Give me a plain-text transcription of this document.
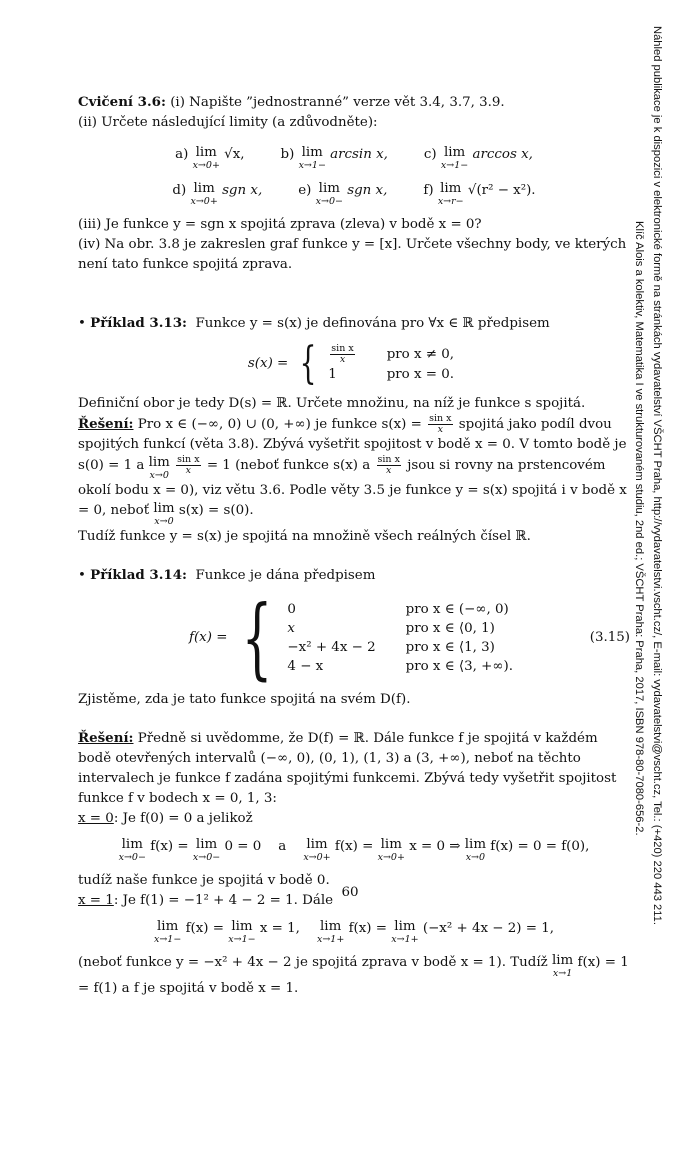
Náhled publikace je k dispozici v elektronické formě na stránkách vydavatelství VŠCHT Praha, http://vydavatelstvi.vscht.cz/, E-mail: vydavatelstvi@vscht.cz, Tel.: (+420) 220 443 211.
Klíč Alois a kolektiv, Matematika I ve strukturovaném studiu, 2nd ed.; VŠCHT Praha: Praha, 2017, ISBN 978-80-7080-656-2.

Cvičení 3.6: (i) Napište ”jednostranné” verze vět 3.4, 3.7, 3.9.

(ii) Určete následující limity (a zdůvodněte):

a) lim
x→0+
√x,	b) lim
x→1−
arcsin x,	c) lim
x→1−
arccos x,
d) lim
x→0+
sgn x,	e) lim
x→0−
sgn x,	f) lim
x→r−
√(r² − x²).

(iii) Je funkce y = sgn x spojitá zprava (zleva) v bodě x = 0?

(iv) Na obr. 3.8 je zakreslen graf funkce y = [x]. Určete všechny body, ve kterých není tato funkce spojitá zprava.

• Příklad 3.13: Funkce y = s(x) je definována pro ∀x ∈ ℝ předpisem

s(x) = { $\frac{\text{sin x}}{x}$	pro x ≠ 0,
1	pro x = 0.

Definiční obor je tedy D(s) = ℝ. Určete množinu, na níž je funkce s spojitá.

Řešení: Pro x ∈ (−∞, 0) ∪ (0, +∞) je funkce $s(x) = \frac{\text{sin x}}{x}$ spojitá jako podíl dvou spojitých funkcí (věta 3.8). Zbývá vyšetřit spojitost v bodě x = 0. V tomto bodě je s(0) = 1 a lim
x→0
$\frac{\text{sin x}}{x} = 1$ (neboť funkce s(x) a $\frac{\text{sin x}}{x}$ jsou si rovny na prstencovém okolí bodu x = 0), viz větu 3.6. Podle věty 3.5 je funkce y = s(x) spojitá i v bodě x = 0, neboť lim
x→0
s(x) = s(0).

Tudíž funkce y = s(x) je spojitá na množině všech reálných čísel ℝ.

• Příklad 3.14: Funkce je dána předpisem

f(x) = { 0	pro x ∈ (−∞, 0)
x	pro x ∈ ⟨0, 1)
−x² + 4x − 2	pro x ∈ ⟨1, 3)
4 − x	pro x ∈ ⟨3, +∞).
(3.15)

Zjistěme, zda je tato funkce spojitá na svém D(f).

Řešení: Předně si uvědomme, že D(f) = ℝ. Dále funkce f je spojitá v každém bodě otevřených intervalů (−∞, 0), (0, 1), (1, 3) a (3, +∞), neboť na těchto intervalech je funkce f zadána spojitými funkcemi. Zbývá tedy vyšetřit spojitost funkce f v bodech x = 0, 1, 3:

x = 0: Je f(0) = 0 a jelikož

lim
x→0−

f(x) =
lim
x→0−

0 = 0
a
lim
x→0+

f(x) =
lim
x→0+

x = 0 ⇒
lim
x→0

f(x) = 0 = f(0),

tudíž naše funkce je spojitá v bodě 0.

x = 1: Je f(1) = −1² + 4 − 2 = 1. Dále

lim
x→1−

f(x) =
lim
x→1−

x = 1,
lim
x→1+

f(x) =
lim
x→1+

(−x² + 4x − 2) = 1,

(neboť funkce y = −x² + 4x − 2 je spojitá zprava v bodě x = 1). Tudíž lim
x→1
f(x) = 1 = f(1) a f je spojitá v bodě x = 1.

60
